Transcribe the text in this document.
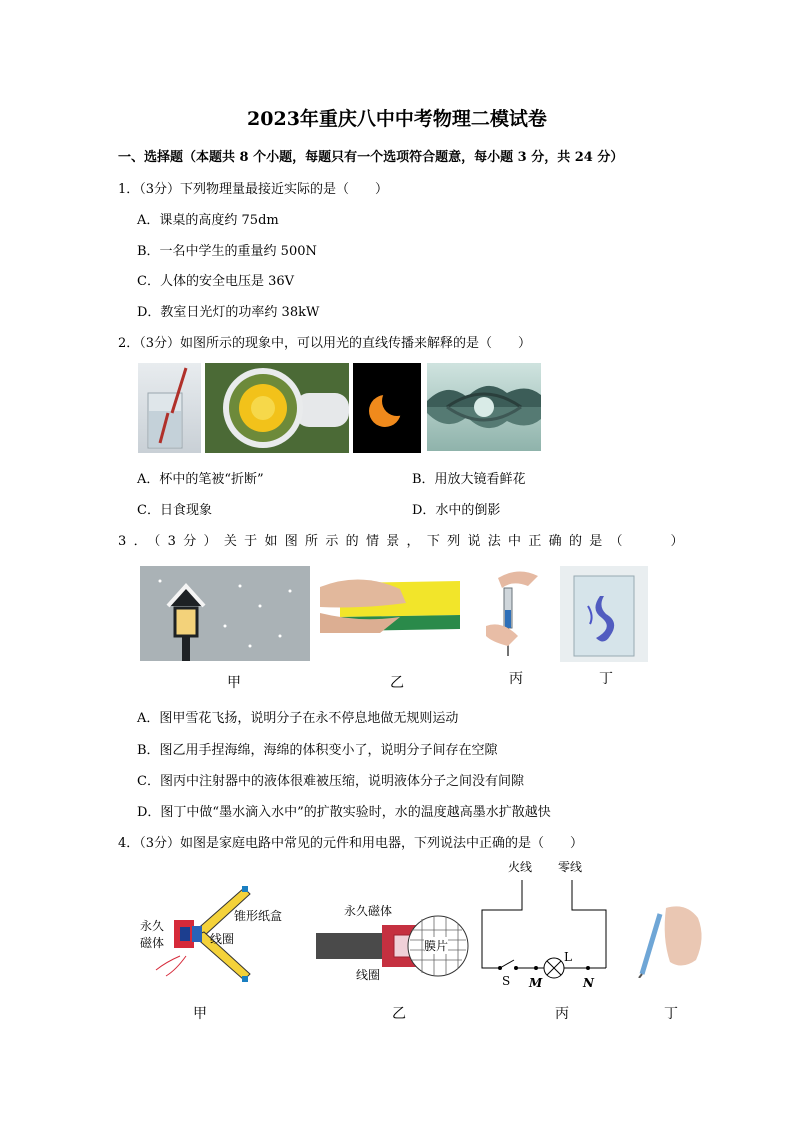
2023年重庆八中中考物理二模试卷
一、选择题（本题共 8 个小题，每题只有一个选项符合题意，每小题 3 分，共 24 分）
1．（3分）下列物理量最接近实际的是（　　）
A．课桌的高度约 75dm
B．一名中学生的重量约 500N
C．人体的安全电压是 36V
D．教室日光灯的功率约 38kW
2．（3分）如图所示的现象中，可以用光的直线传播来解释的是（　　）
A．杯中的笔被“折断”	B．用放大镜看鲜花
C．日食现象	D．水中的倒影
3．（3分）关于如图所示的情景，下列说法中正确的是（　　）
甲	乙	丙	丁
A．图甲雪花飞扬，说明分子在永不停息地做无规则运动
B．图乙用手捏海绵，海绵的体积变小了，说明分子间存在空隙
C．图丙中注射器中的液体很难被压缩，说明液体分子之间没有间隙
D．图丁中做“墨水滴入水中”的扩散实验时，水的温度越高墨水扩散越快
4．（3分）如图是家庭电路中常见的元件和用电器，下列说法中正确的是（　　）
永久
磁体	线圈
锥形纸盒	永久磁体
线圈
膜片
火线 零线
L
S M	N
甲	乙	丙	丁
